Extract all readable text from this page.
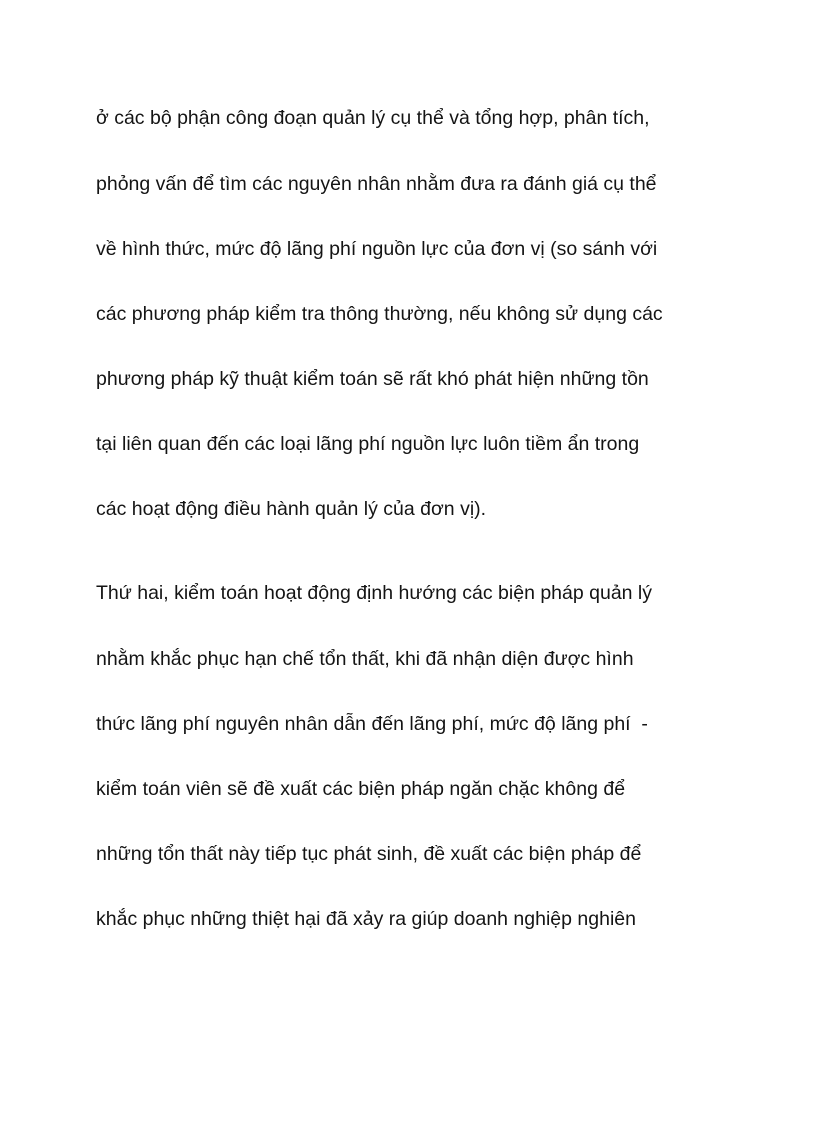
ở các bộ phận công đoạn quản lý cụ thể và tổng hợp, phân tích,

phỏng vấn để tìm các nguyên nhân nhằm đưa ra đánh giá cụ thể

về hình thức, mức độ lãng phí nguồn lực của đơn vị (so sánh với

các phương pháp kiểm tra thông thường, nếu không sử dụng các

phương pháp kỹ thuật kiểm toán sẽ rất khó phát hiện những tồn

tại liên quan đến các loại lãng phí nguồn lực luôn tiềm ẩn trong

các hoạt động điều hành quản lý của đơn vị).

Thứ hai, kiểm toán hoạt động định hướng các biện pháp quản lý

nhằm khắc phục hạn chế tổn thất, khi đã nhận diện được hình

thức lãng phí nguyên nhân dẫn đến lãng phí, mức độ lãng phí  -

kiểm toán viên sẽ đề xuất các biện pháp ngăn chặc không để

những tổn thất này tiếp tục phát sinh, đề xuất các biện pháp để

khắc phục những thiệt hại đã xảy ra giúp doanh nghiệp nghiên
